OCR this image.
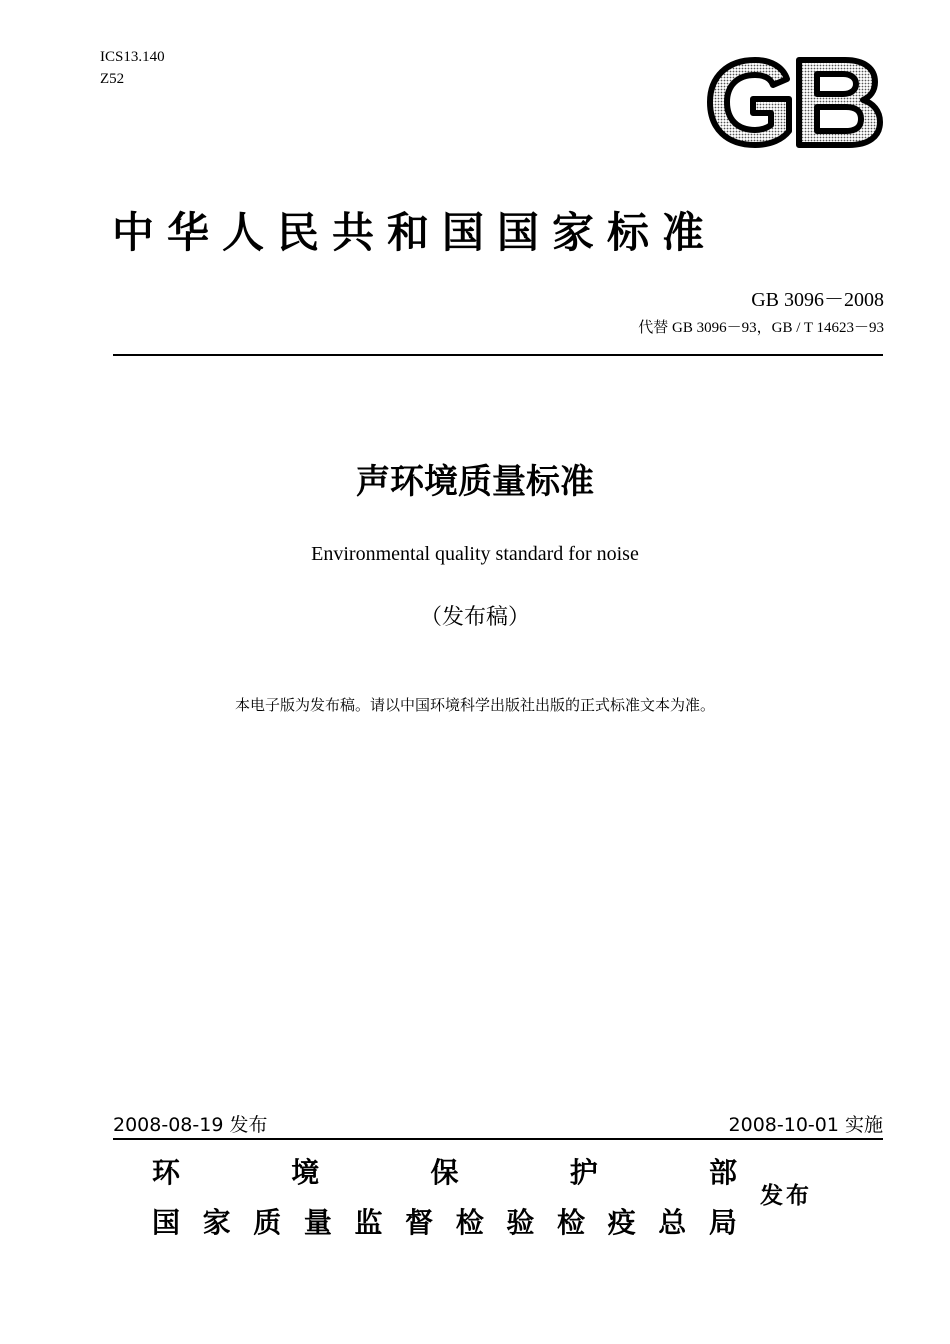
ICS13.140
Z52
中华人民共和国国家标准
GB 3096－2008
代替 GB 3096－93，GB / T 14623－93
声环境质量标准
Environmental quality standard for noise
（发布稿）
本电子版为发布稿。请以中国环境科学出版社出版的正式标准文本为准。
2008-08-19 发布	2008-10-01 实施
环	境	保	护	部
国 家 质 量 监 督 检 验 检 疫 总 局
发布
